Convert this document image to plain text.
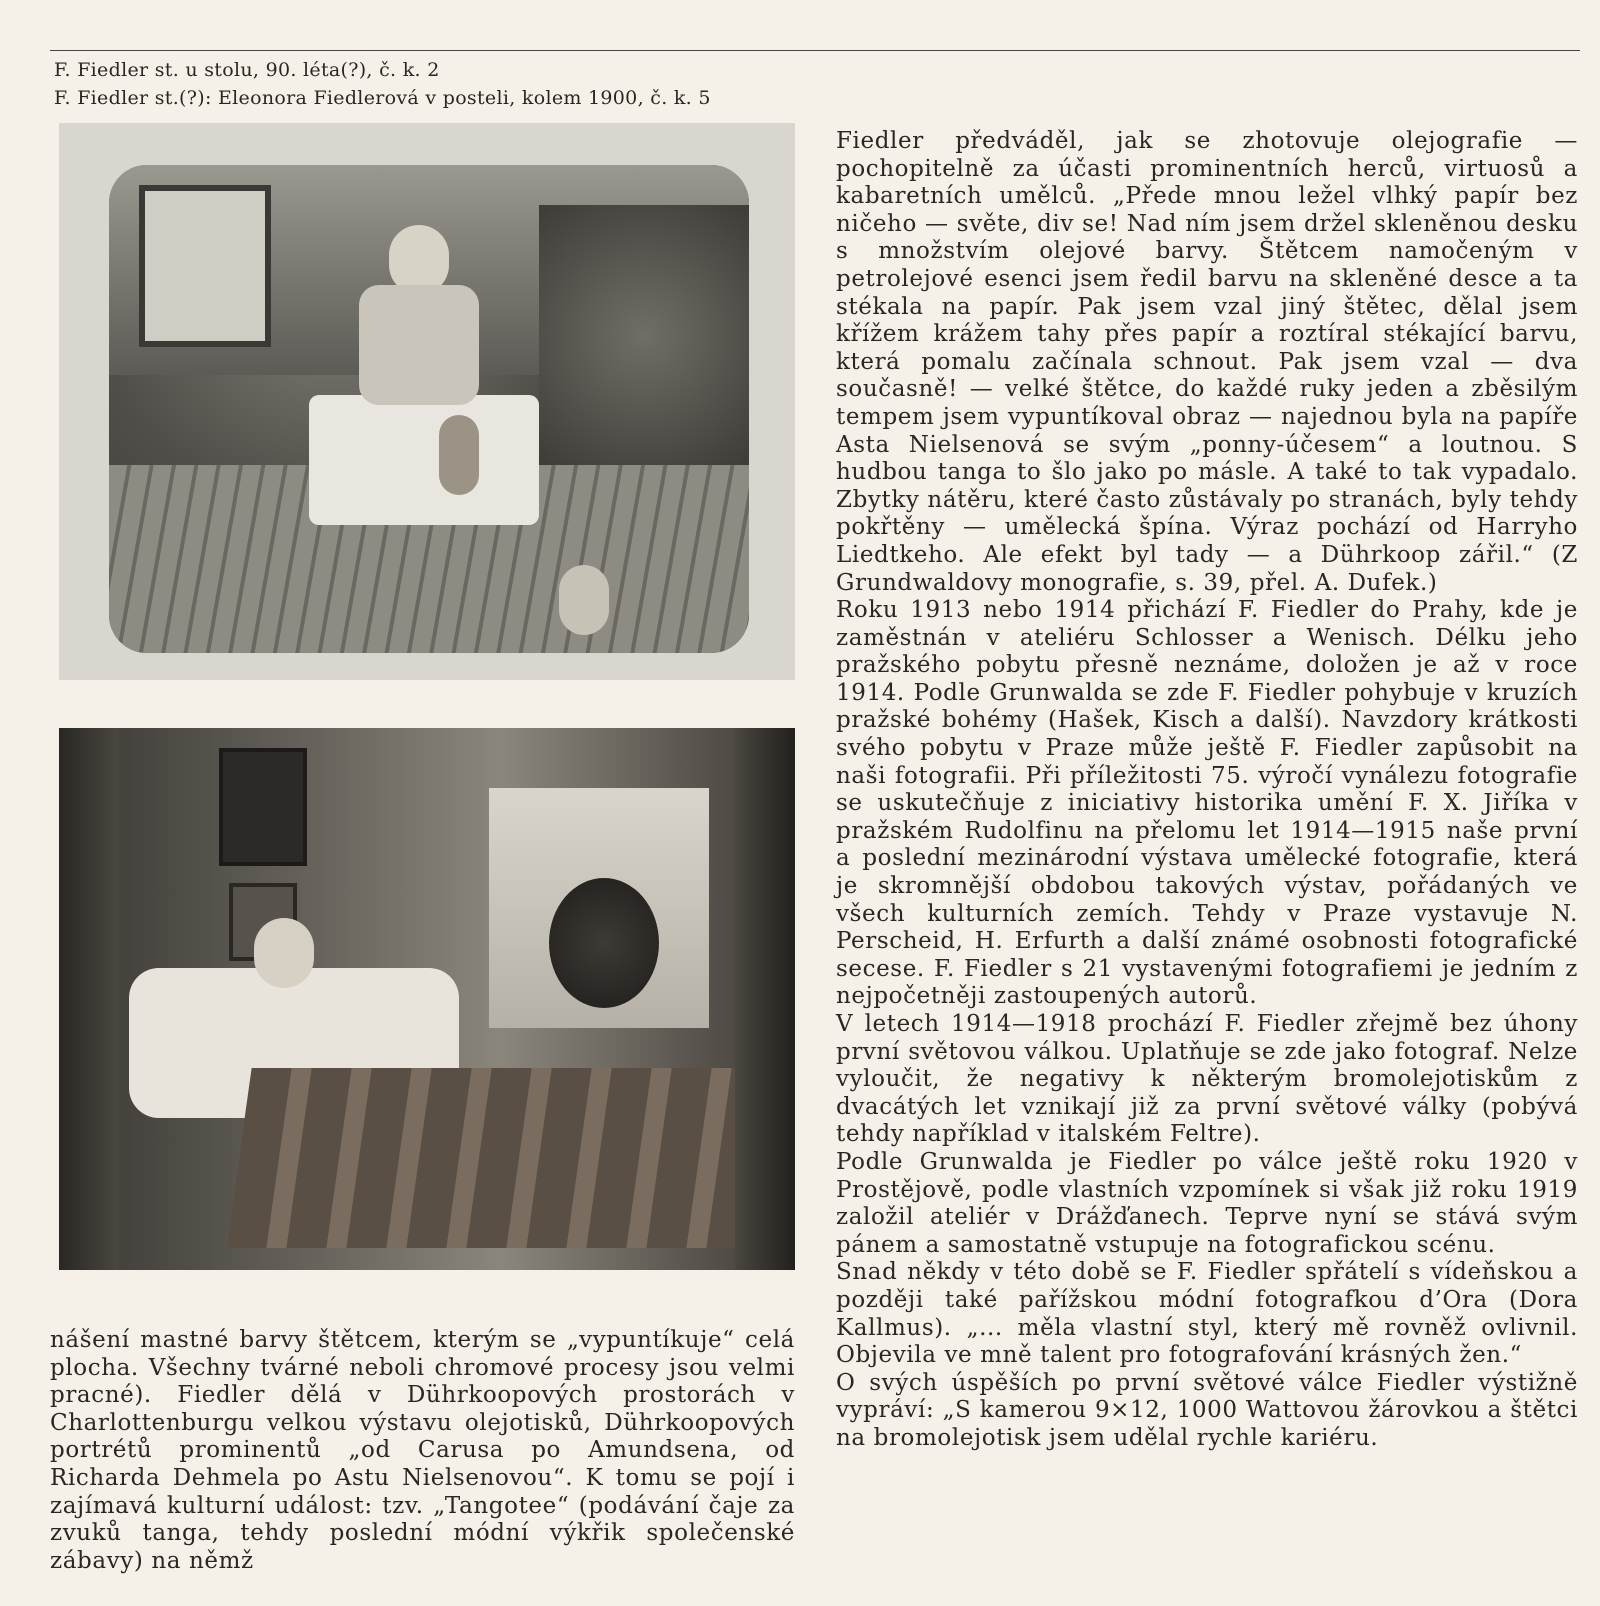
F. Fiedler st. u stolu, 90. léta(?), č. k. 2
F. Fiedler st.(?): Eleonora Fiedlerová v posteli, kolem 1900, č. k. 5

Fiedler předváděl, jak se zhotovuje olejografie — pochopitelně za účasti prominentních herců, virtuosů a kabaretních umělců. „Přede mnou ležel vlhký papír bez ničeho — světe, div se! Nad ním jsem držel skleněnou desku s množstvím olejové barvy. Štětcem namočeným v petrolejové esenci jsem ředil barvu na skleněné desce a ta stékala na papír. Pak jsem vzal jiný štětec, dělal jsem křížem krážem tahy přes papír a roztíral stékající barvu, která pomalu začínala schnout. Pak jsem vzal — dva současně! — velké štětce, do každé ruky jeden a zběsilým tempem jsem vypuntíkoval obraz — najednou byla na papíře Asta Nielsenová se svým „ponny-účesem“ a loutnou. S hudbou tanga to šlo jako po másle. A také to tak vypadalo. Zbytky nátěru, které často zůstávaly po stranách, byly tehdy pokřtěny — umělecká špína. Výraz pochází od Harryho Liedtkeho. Ale efekt byl tady — a Dührkoop zářil.“ (Z Grundwaldovy monografie, s. 39, přel. A. Dufek.)

Roku 1913 nebo 1914 přichází F. Fiedler do Prahy, kde je zaměstnán v ateliéru Schlosser a Wenisch. Délku jeho pražského pobytu přesně neznáme, doložen je až v roce 1914. Podle Grunwalda se zde F. Fiedler pohybuje v kruzích pražské bohémy (Hašek, Kisch a další). Navzdory krátkosti svého pobytu v Praze může ještě F. Fiedler zapůsobit na naši fotografii. Při příležitosti 75. výročí vynálezu fotografie se uskutečňuje z iniciativy historika umění F. X. Jiříka v pražském Rudolfinu na přelomu let 1914—1915 naše první a poslední mezinárodní výstava umělecké fotografie, která je skromnější obdobou takových výstav, pořádaných ve všech kulturních zemích. Tehdy v Praze vystavuje N. Perscheid, H. Erfurth a další známé osobnosti fotografické secese. F. Fiedler s 21 vystavenými fotografiemi je jedním z nejpočetněji zastoupených autorů.

V letech 1914—1918 prochází F. Fiedler zřejmě bez úhony první světovou válkou. Uplatňuje se zde jako fotograf. Nelze vyloučit, že negativy k některým bromolejotiskům z dvacátých let vznikají již za první světové války (pobývá tehdy například v italském Feltre).

Podle Grunwalda je Fiedler po válce ještě roku 1920 v Prostějově, podle vlastních vzpomínek si však již roku 1919 založil ateliér v Drážďanech. Teprve nyní se stává svým pánem a samostatně vstupuje na fotografickou scénu.

Snad někdy v této době se F. Fiedler spřátelí s vídeňskou a později také pařížskou módní fotografkou d’Ora (Dora Kallmus). „... měla vlastní styl, který mě rovněž ovlivnil. Objevila ve mně talent pro fotografování krásných žen.“

O svých úspěších po první světové válce Fiedler výstižně vypráví: „S kamerou 9×12, 1000 Wattovou žárovkou a štětci na bromolejotisk jsem udělal rychle kariéru.

nášení mastné barvy štětcem, kterým se „vypuntíkuje“ celá plocha. Všechny tvárné neboli chromové procesy jsou velmi pracné). Fiedler dělá v Dührkoopových prostorách v Charlottenburgu velkou výstavu olejotisků, Dührkoopových portrétů prominentů „od Carusa po Amundsena, od Richarda Dehmela po Astu Nielsenovou“. K tomu se pojí i zajímavá kulturní událost: tzv. „Tangotee“ (podávání čaje za zvuků tanga, tehdy poslední módní výkřik společenské zábavy) na němž
